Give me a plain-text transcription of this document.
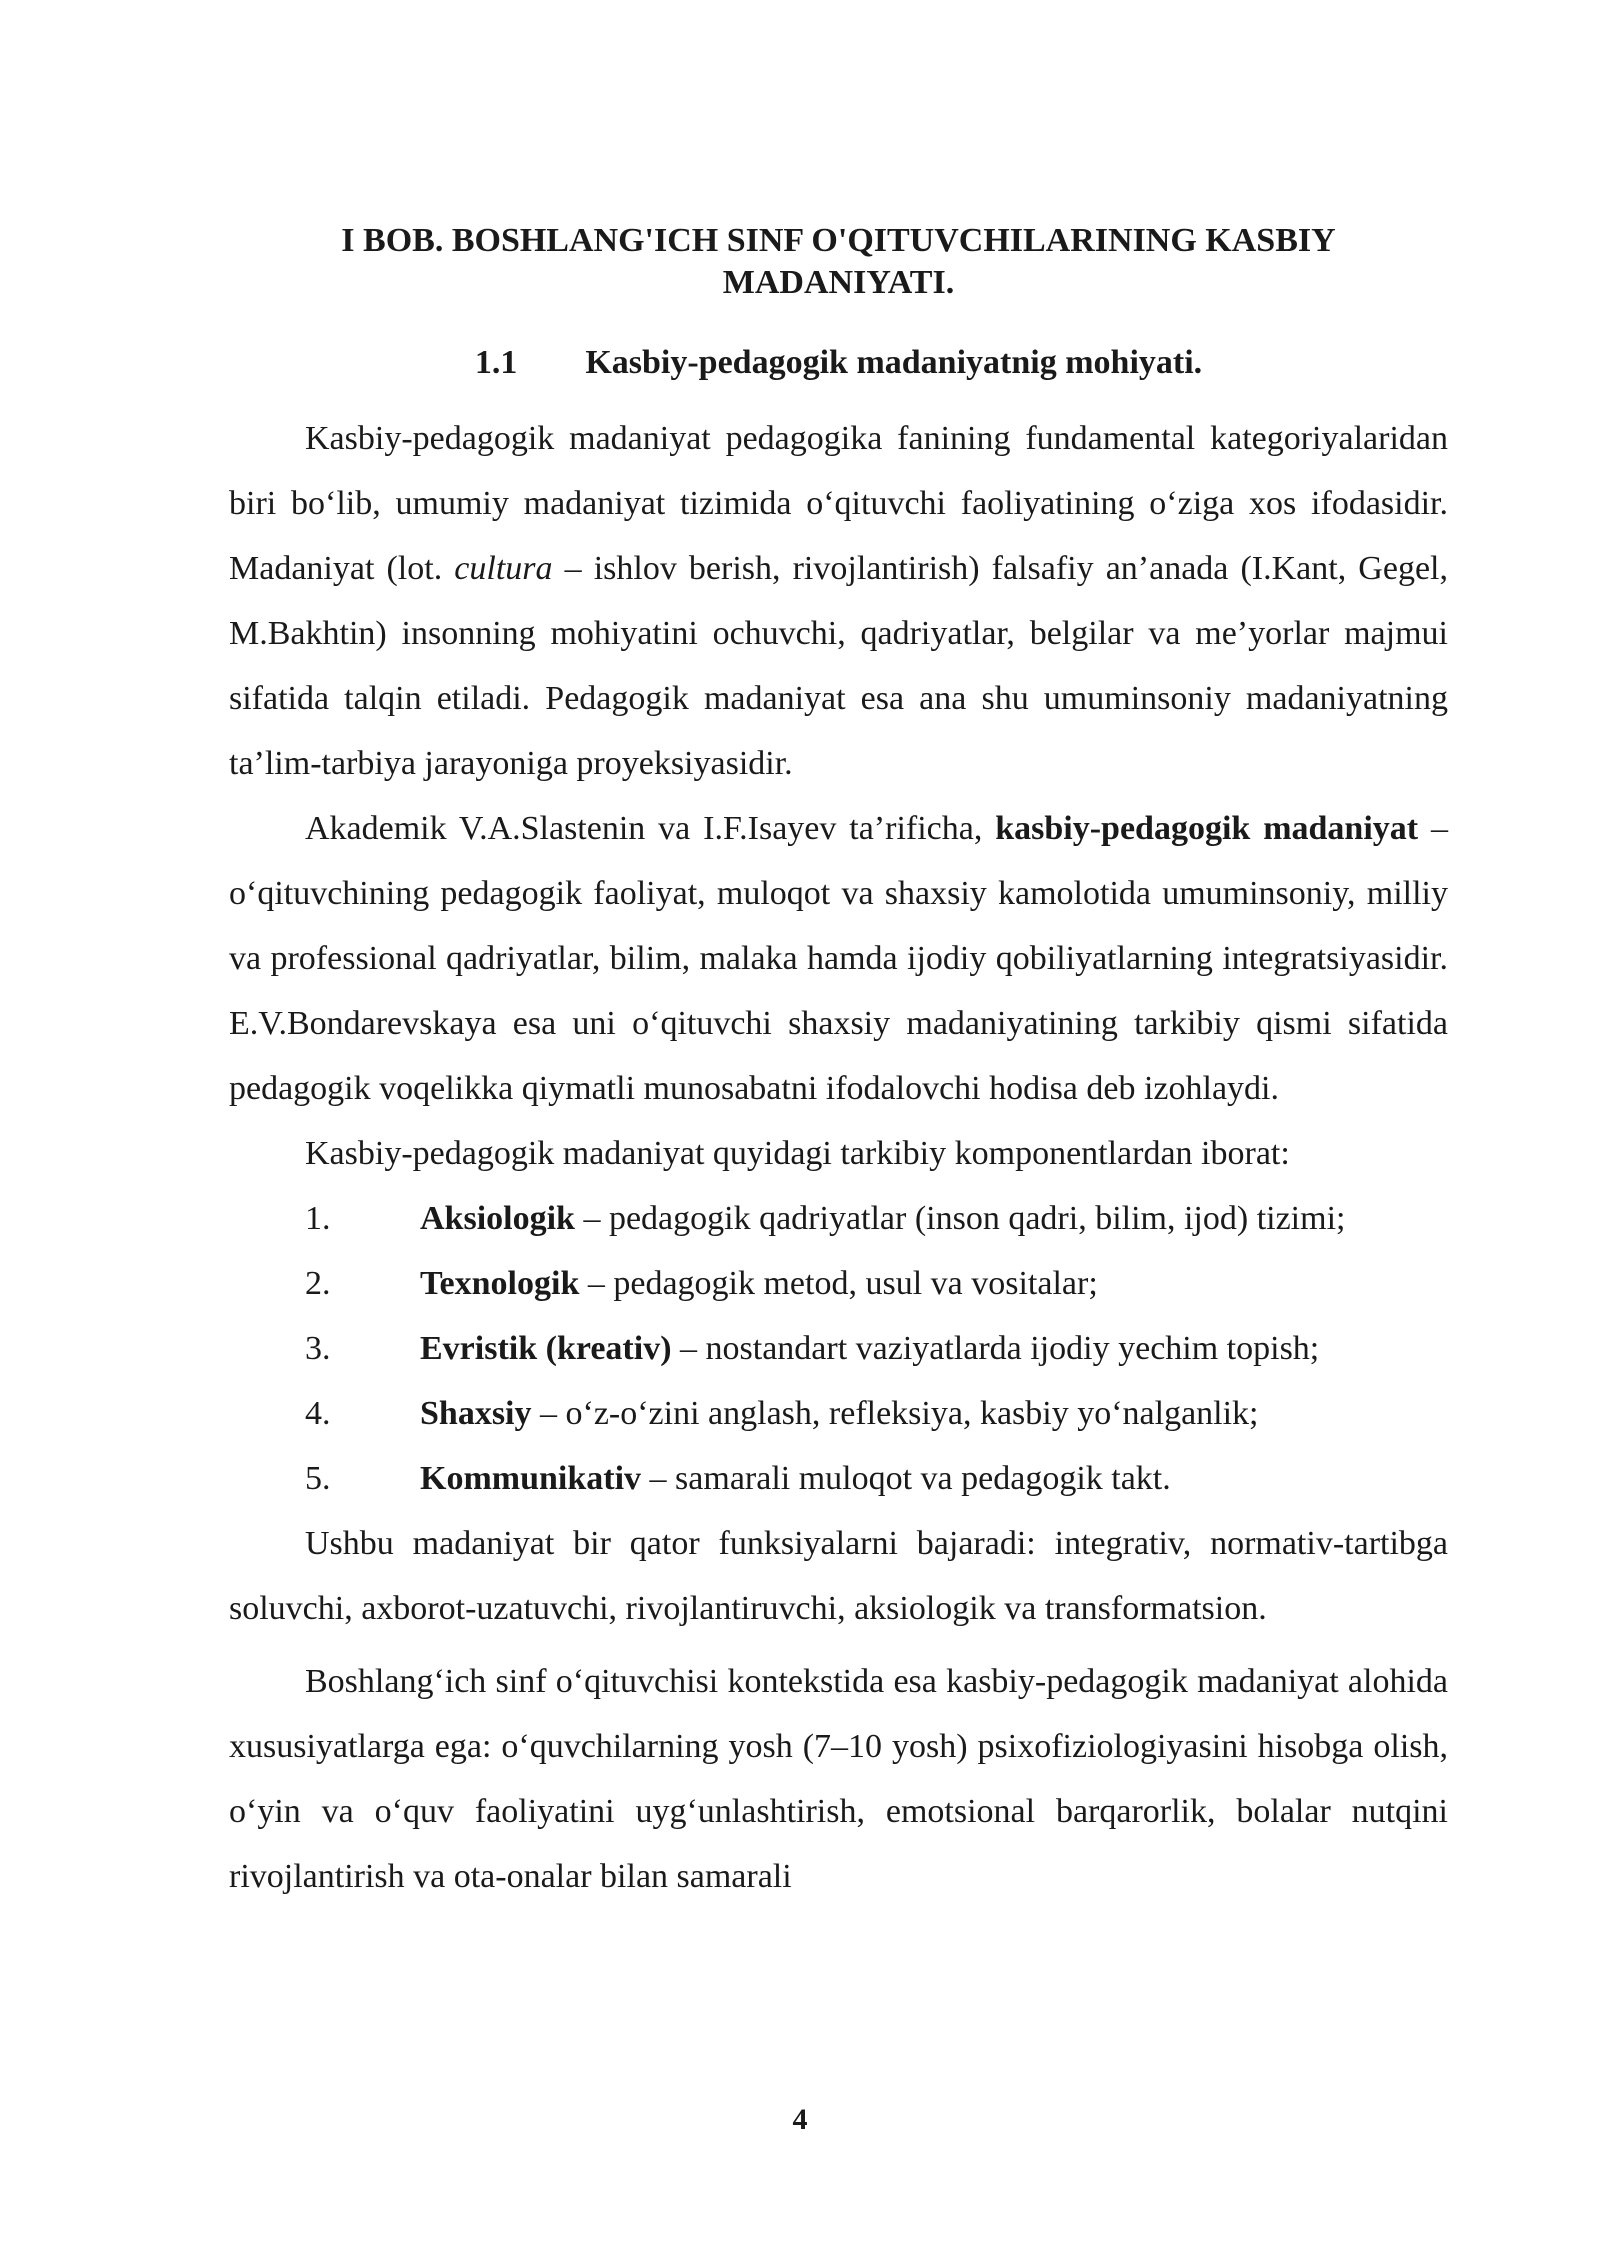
I BOB. BOSHLANG'ICH SINF O'QITUVCHILARINING KASBIY MADANIYATI.
1.1 Kasbiy-pedagogik madaniyatnig mohiyati.

Kasbiy-pedagogik madaniyat pedagogika fanining fundamental kategoriyalaridan biri bo‘lib, umumiy madaniyat tizimida o‘qituvchi faoliyatining o‘ziga xos ifodasidir. Madaniyat (lot. cultura – ishlov berish, rivojlantirish) falsafiy an’anada (I.Kant, Gegel, M.Bakhtin) insonning mohiyatini ochuvchi, qadriyatlar, belgilar va me’yorlar majmui sifatida talqin etiladi. Pedagogik madaniyat esa ana shu umuminsoniy madaniyatning ta’lim-tarbiya jarayoniga proyeksiyasidir.

Akademik V.A.Slastenin va I.F.Isayev ta’rificha, kasbiy-pedagogik madaniyat – o‘qituvchining pedagogik faoliyat, muloqot va shaxsiy kamolotida umuminsoniy, milliy va professional qadriyatlar, bilim, malaka hamda ijodiy qobiliyatlarning integratsiyasidir. E.V.Bondarevskaya esa uni o‘qituvchi shaxsiy madaniyatining tarkibiy qismi sifatida pedagogik voqelikka qiymatli munosabatni ifodalovchi hodisa deb izohlaydi.

Kasbiy-pedagogik madaniyat quyidagi tarkibiy komponentlardan iborat:

1.	Aksiologik – pedagogik qadriyatlar (inson qadri, bilim, ijod) tizimi;
2.	Texnologik – pedagogik metod, usul va vositalar;
3.	Evristik (kreativ) – nostandart vaziyatlarda ijodiy yechim topish;
4.	Shaxsiy – o‘z-o‘zini anglash, refleksiya, kasbiy yo‘nalganlik;
5.	Kommunikativ – samarali muloqot va pedagogik takt.

Ushbu madaniyat bir qator funksiyalarni bajaradi: integrativ, normativ-tartibga soluvchi, axborot-uzatuvchi, rivojlantiruvchi, aksiologik va transformatsion.

Boshlang‘ich sinf o‘qituvchisi kontekstida esa kasbiy-pedagogik madaniyat alohida xususiyatlarga ega: o‘quvchilarning yosh (7–10 yosh) psixofiziologiyasini hisobga olish, o‘yin va o‘quv faoliyatini uyg‘unlashtirish, emotsional barqarorlik, bolalar nutqini rivojlantirish va ota-onalar bilan samarali

4
